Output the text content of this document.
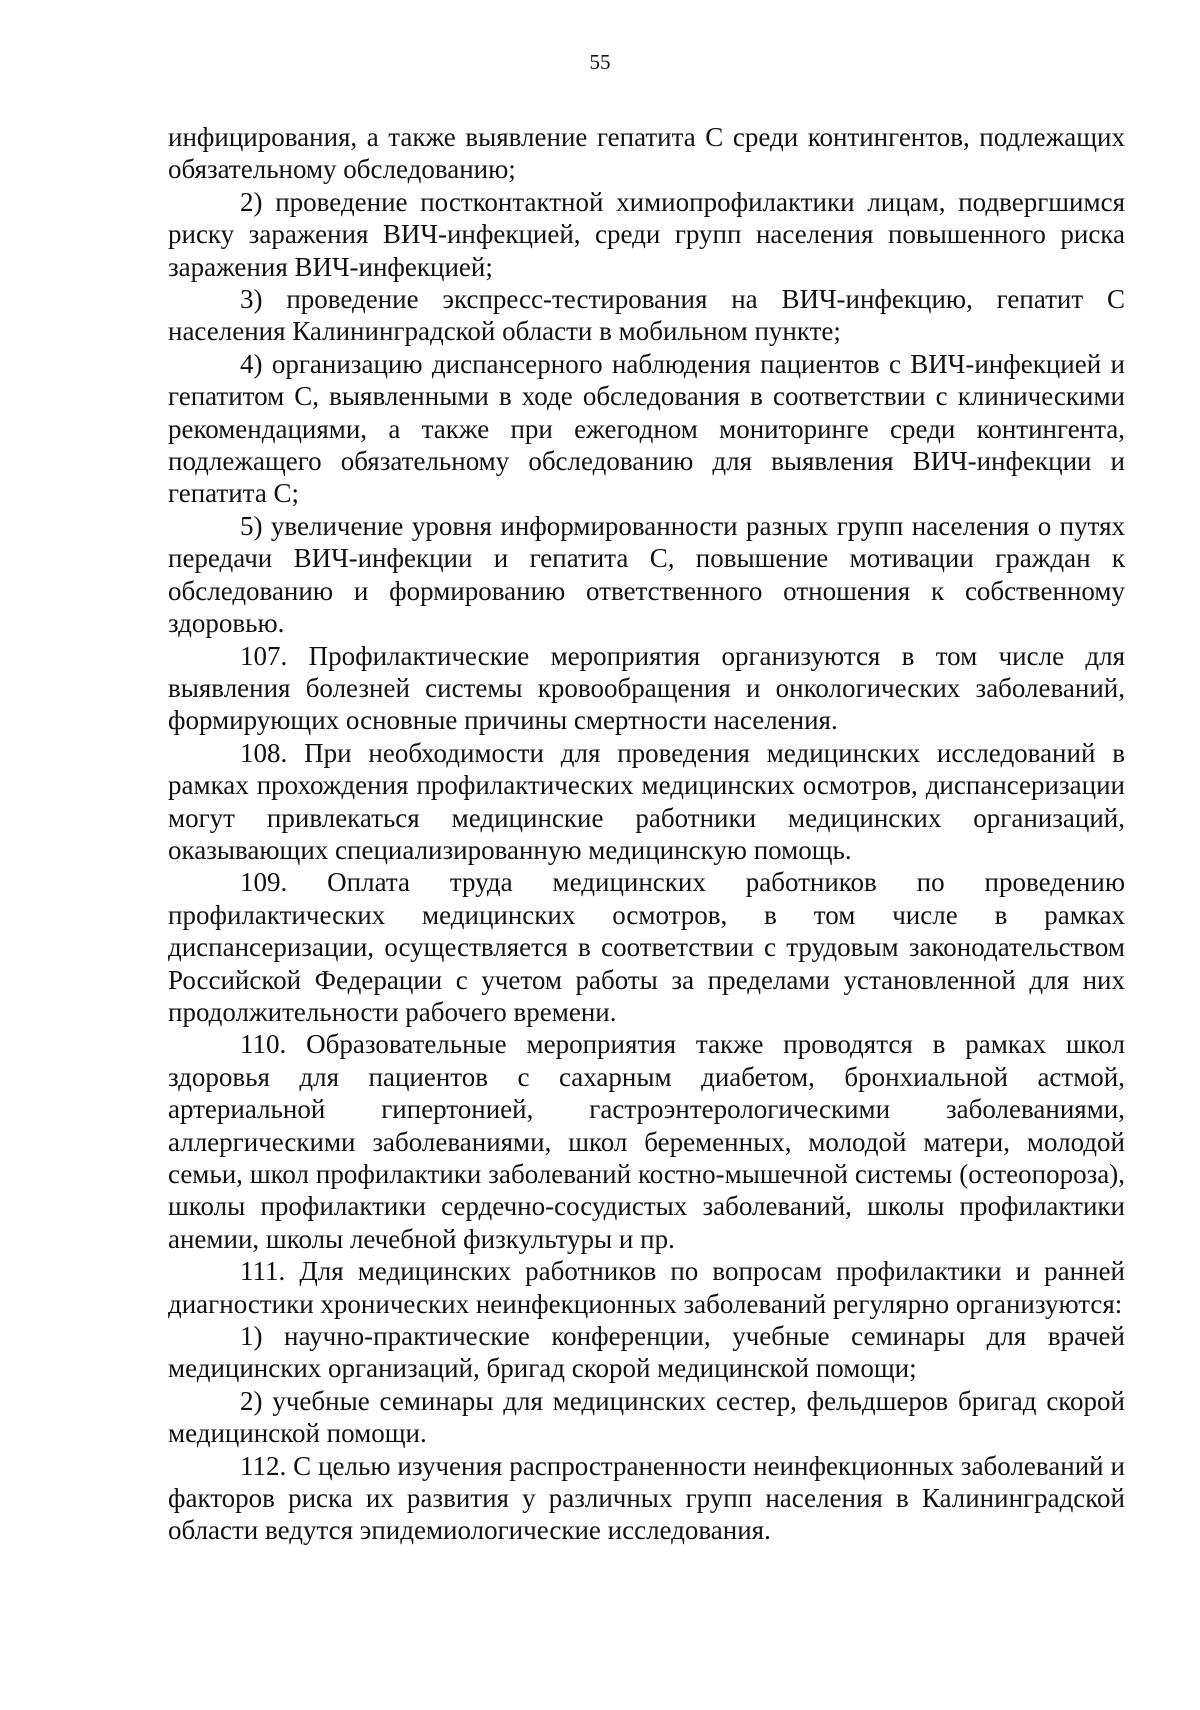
55

инфицирования, а также выявление гепатита С среди контингентов, подлежащих обязательному обследованию;

2) проведение постконтактной химиопрофилактики лицам, подвергшимся риску заражения ВИЧ-инфекцией, среди групп населения повышенного риска заражения ВИЧ-инфекцией;

3) проведение экспресс-тестирования на ВИЧ-инфекцию, гепатит С населения Калининградской области в мобильном пункте;

4) организацию диспансерного наблюдения пациентов с ВИЧ-инфекцией и гепатитом С, выявленными в ходе обследования в соответствии с клиническими рекомендациями, а также при ежегодном мониторинге среди контингента, подлежащего обязательному обследованию для выявления ВИЧ-инфекции и гепатита С;

5) увеличение уровня информированности разных групп населения о путях передачи ВИЧ-инфекции и гепатита С, повышение мотивации граждан к обследованию и формированию ответственного отношения к собственному здоровью.

107. Профилактические мероприятия организуются в том числе для выявления болезней системы кровообращения и онкологических заболеваний, формирующих основные причины смертности населения.

108. При необходимости для проведения медицинских исследований в рамках прохождения профилактических медицинских осмотров, диспансеризации могут привлекаться медицинские работники медицинских организаций, оказывающих специализированную медицинскую помощь.

109. Оплата труда медицинских работников по проведению профилактических медицинских осмотров, в том числе в рамках диспансеризации, осуществляется в соответствии с трудовым законодательством Российской Федерации с учетом работы за пределами установленной для них продолжительности рабочего времени.

110. Образовательные мероприятия также проводятся в рамках школ здоровья для пациентов с сахарным диабетом, бронхиальной астмой, артериальной гипертонией, гастроэнтерологическими заболеваниями, аллергическими заболеваниями, школ беременных, молодой матери, молодой семьи, школ профилактики заболеваний костно-мышечной системы (остеопороза), школы профилактики сердечно-сосудистых заболеваний, школы профилактики анемии, школы лечебной физкультуры и пр.

111. Для медицинских работников по вопросам профилактики и ранней диагностики хронических неинфекционных заболеваний регулярно организуются:

1) научно-практические конференции, учебные семинары для врачей медицинских организаций, бригад скорой медицинской помощи;

2) учебные семинары для медицинских сестер, фельдшеров бригад скорой медицинской помощи.

112. С целью изучения распространенности неинфекционных заболеваний и факторов риска их развития у различных групп населения в Калининградской области ведутся эпидемиологические исследования.
